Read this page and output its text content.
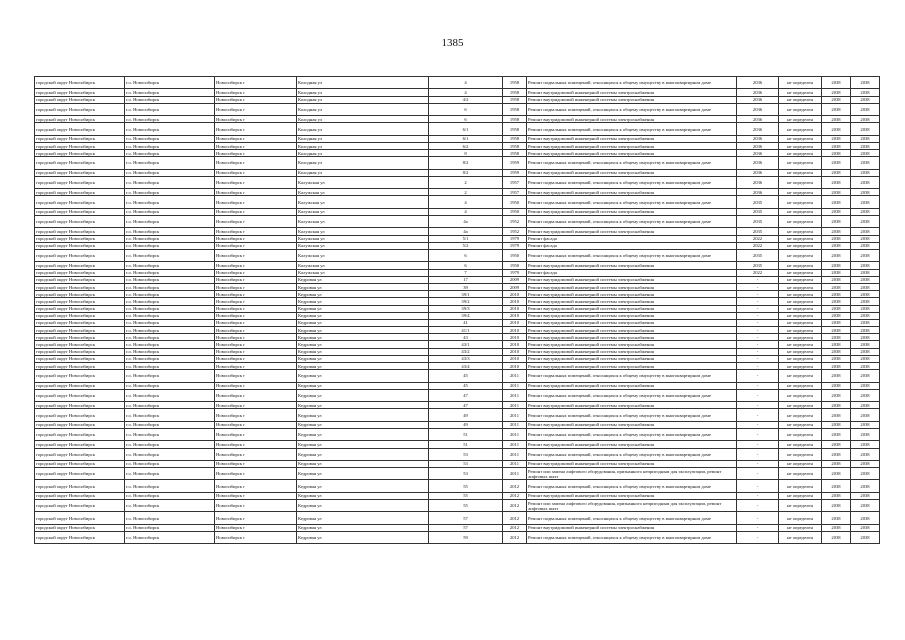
1385
городской округ Новосибирск	г.о. Новосибирск	Новосибирск г	Колодная ул	4	1958	Ремонт подвальных помещений, относящихся к общему имуществу в многоквартирном доме	2036	не определен	2038	2038
городской округ Новосибирск	г.о. Новосибирск	Новосибирск г	Колодная ул	4	1958	Ремонт внутридомовой инженерной системы электроснабжения	2036	не определен	2038	2038
городской округ Новосибирск	г.о. Новосибирск	Новосибирск г	Колодная ул	4/2	1958	Ремонт внутридомовой инженерной системы электроснабжения	2036	не определен	2038	2038
городской округ Новосибирск	г.о. Новосибирск	Новосибирск г	Колодная ул	6	1958	Ремонт подвальных помещений, относящихся к общему имуществу в многоквартирном доме	2036	не определен	2038	2038
городской округ Новосибирск	г.о. Новосибирск	Новосибирск г	Колодная ул	6	1958	Ремонт внутридомовой инженерной системы электроснабжения	2036	не определен	2038	2038
городской округ Новосибирск	г.о. Новосибирск	Новосибирск г	Колодная ул	6/1	1958	Ремонт подвальных помещений, относящихся к общему имуществу в многоквартирном доме	2036	не определен	2038	2038
городской округ Новосибирск	г.о. Новосибирск	Новосибирск г	Колодная ул	6/1	1958	Ремонт внутридомовой инженерной системы электроснабжения	2036	не определен	2038	2038
городской округ Новосибирск	г.о. Новосибирск	Новосибирск г	Колодная ул	6/2	1958	Ремонт внутридомовой инженерной системы электроснабжения	2036	не определен	2038	2038
городской округ Новосибирск	г.о. Новосибирск	Новосибирск г	Колодная ул	8	1958	Ремонт внутридомовой инженерной системы электроснабжения	2036	не определен	2038	2038
городской округ Новосибирск	г.о. Новосибирск	Новосибирск г	Колодная ул	8/2	1959	Ремонт подвальных помещений, относящихся к общему имуществу в многоквартирном доме	2036	не определен	2038	2038
городской округ Новосибирск	г.о. Новосибирск	Новосибирск г	Колодная ул	8/2	1959	Ремонт внутридомовой инженерной системы электроснабжения	2036	не определен	2038	2038
городской округ Новосибирск	г.о. Новосибирск	Новосибирск г	Калужская ул	2	1957	Ремонт подвальных помещений, относящихся к общему имуществу в многоквартирном доме	2036	не определен	2038	2038
городской округ Новосибирск	г.о. Новосибирск	Новосибирск г	Калужская ул	2	1957	Ремонт внутридомовой инженерной системы электроснабжения	2036	не определен	2038	2038
городской округ Новосибирск	г.о. Новосибирск	Новосибирск г	Калужская ул	4	1950	Ремонт подвальных помещений, относящихся к общему имуществу в многоквартирном доме	2035	не определен	2038	2038
городской округ Новосибирск	г.о. Новосибирск	Новосибирск г	Калужская ул	4	1950	Ремонт внутридомовой инженерной системы электроснабжения	2035	не определен	2038	2038
городской округ Новосибирск	г.о. Новосибирск	Новосибирск г	Калужская ул	4а	1952	Ремонт подвальных помещений, относящихся к общему имуществу в многоквартирном доме	2035	не определен	2038	2038
городской округ Новосибирск	г.о. Новосибирск	Новосибирск г	Калужская ул	4а	1952	Ремонт внутридомовой инженерной системы электроснабжения	2035	не определен	2038	2038
городской округ Новосибирск	г.о. Новосибирск	Новосибирск г	Калужская ул	5/1	1979	Ремонт фасада	2022	не определен	2038	2038
городской округ Новосибирск	г.о. Новосибирск	Новосибирск г	Калужская ул	5/2	1979	Ремонт фасада	2022	не определен	2038	2038
городской округ Новосибирск	г.о. Новосибирск	Новосибирск г	Калужская ул	6	1950	Ремонт подвальных помещений, относящихся к общему имуществу в многоквартирном доме	2035	не определен	2038	2038
городской округ Новосибирск	г.о. Новосибирск	Новосибирск г	Калужская ул	6	1950	Ремонт внутридомовой инженерной системы электроснабжения	2035	не определен	2038	2038
городской округ Новосибирск	г.о. Новосибирск	Новосибирск г	Калужская ул	7	1979	Ремонт фасада	2022	не определен	2038	2038
городской округ Новосибирск	г.о. Новосибирск	Новосибирск г	Кедровая ул	17	2009	Ремонт внутридомовой инженерной системы электроснабжения	-	не определен	2038	2038
городской округ Новосибирск	г.о. Новосибирск	Новосибирск г	Кедровая ул	39	2009	Ремонт внутридомовой инженерной системы электроснабжения	-	не определен	2038	2038
городской округ Новосибирск	г.о. Новосибирск	Новосибирск г	Кедровая ул	39/1	2010	Ремонт внутридомовой инженерной системы электроснабжения	-	не определен	2038	2038
городской округ Новосибирск	г.о. Новосибирск	Новосибирск г	Кедровая ул	39/2	2010	Ремонт внутридомовой инженерной системы электроснабжения	-	не определен	2038	2038
городской округ Новосибирск	г.о. Новосибирск	Новосибирск г	Кедровая ул	39/3	2010	Ремонт внутридомовой инженерной системы электроснабжения	-	не определен	2038	2038
городской округ Новосибирск	г.о. Новосибирск	Новосибирск г	Кедровая ул	39/4	2010	Ремонт внутридомовой инженерной системы электроснабжения	-	не определен	2038	2038
городской округ Новосибирск	г.о. Новосибирск	Новосибирск г	Кедровая ул	41	2010	Ремонт внутридомовой инженерной системы электроснабжения	-	не определен	2038	2038
городской округ Новосибирск	г.о. Новосибирск	Новосибирск г	Кедровая ул	41/1	2010	Ремонт внутридомовой инженерной системы электроснабжения	-	не определен	2038	2038
городской округ Новосибирск	г.о. Новосибирск	Новосибирск г	Кедровая ул	43	2010	Ремонт внутридомовой инженерной системы электроснабжения	-	не определен	2038	2038
городской округ Новосибирск	г.о. Новосибирск	Новосибирск г	Кедровая ул	43/1	2010	Ремонт внутридомовой инженерной системы электроснабжения	-	не определен	2038	2038
городской округ Новосибирск	г.о. Новосибирск	Новосибирск г	Кедровая ул	43/2	2010	Ремонт внутридомовой инженерной системы электроснабжения	-	не определен	2038	2038
городской округ Новосибирск	г.о. Новосибирск	Новосибирск г	Кедровая ул	43/3	2010	Ремонт внутридомовой инженерной системы электроснабжения	-	не определен	2038	2038
городской округ Новосибирск	г.о. Новосибирск	Новосибирск г	Кедровая ул	43/4	2010	Ремонт внутридомовой инженерной системы электроснабжения	-	не определен	2038	2038
городской округ Новосибирск	г.о. Новосибирск	Новосибирск г	Кедровая ул	45	2011	Ремонт подвальных помещений, относящихся к общему имуществу в многоквартирном доме	-	не определен	2038	2038
городской округ Новосибирск	г.о. Новосибирск	Новосибирск г	Кедровая ул	45	2011	Ремонт внутридомовой инженерной системы электроснабжения	-	не определен	2038	2038
городской округ Новосибирск	г.о. Новосибирск	Новосибирск г	Кедровая ул	47	2011	Ремонт подвальных помещений, относящихся к общему имуществу в многоквартирном доме	-	не определен	2038	2038
городской округ Новосибирск	г.о. Новосибирск	Новосибирск г	Кедровая ул	47	2011	Ремонт внутридомовой инженерной системы электроснабжения	-	не определен	2038	2038
городской округ Новосибирск	г.о. Новосибирск	Новосибирск г	Кедровая ул	49	2011	Ремонт подвальных помещений, относящихся к общему имуществу в многоквартирном доме	-	не определен	2038	2038
городской округ Новосибирск	г.о. Новосибирск	Новосибирск г	Кедровая ул	49	2011	Ремонт внутридомовой инженерной системы электроснабжения	-	не определен	2038	2038
городской округ Новосибирск	г.о. Новосибирск	Новосибирск г	Кедровая ул	51	2011	Ремонт подвальных помещений, относящихся к общему имуществу в многоквартирном доме	-	не определен	2038	2038
городской округ Новосибирск	г.о. Новосибирск	Новосибирск г	Кедровая ул	51	2011	Ремонт внутридомовой инженерной системы электроснабжения	-	не определен	2038	2038
городской округ Новосибирск	г.о. Новосибирск	Новосибирск г	Кедровая ул	53	2011	Ремонт подвальных помещений, относящихся к общему имуществу в многоквартирном доме	-	не определен	2038	2038
городской округ Новосибирск	г.о. Новосибирск	Новосибирск г	Кедровая ул	53	2011	Ремонт внутридомовой инженерной системы электроснабжения	-	не определен	2038	2038
городской округ Новосибирск	г.о. Новосибирск	Новосибирск г	Кедровая ул	53	2011	Ремонт или замена лифтового оборудования, признанного непригодным для эксплуатации, ремонт лифтовых шахт	-	не определен	2038	2038
городской округ Новосибирск	г.о. Новосибирск	Новосибирск г	Кедровая ул	55	2012	Ремонт подвальных помещений, относящихся к общему имуществу в многоквартирном доме	-	не определен	2038	2038
городской округ Новосибирск	г.о. Новосибирск	Новосибирск г	Кедровая ул	55	2012	Ремонт внутридомовой инженерной системы электроснабжения	-	не определен	2038	2038
городской округ Новосибирск	г.о. Новосибирск	Новосибирск г	Кедровая ул	55	2012	Ремонт или замена лифтового оборудования, признанного непригодным для эксплуатации, ремонт лифтовых шахт	-	не определен	2038	2038
городской округ Новосибирск	г.о. Новосибирск	Новосибирск г	Кедровая ул	57	2012	Ремонт подвальных помещений, относящихся к общему имуществу в многоквартирном доме	-	не определен	2038	2038
городской округ Новосибирск	г.о. Новосибирск	Новосибирск г	Кедровая ул	57	2012	Ремонт внутридомовой инженерной системы электроснабжения	-	не определен	2038	2038
городской округ Новосибирск	г.о. Новосибирск	Новосибирск г	Кедровая ул	59	2012	Ремонт подвальных помещений, относящихся к общему имуществу в многоквартирном доме	-	не определен	2038	2038
